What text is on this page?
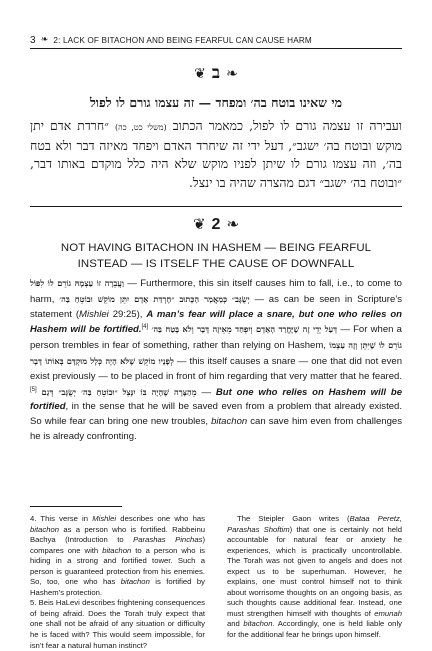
3 ❧ 2: LACK OF BITACHON AND BEING FEARFUL CAN CAUSE HARM
❦ ב ❧
מי שאינו בוטח בה׳ ומפחד — זה עצמו גורם לו לפול
ועבירה זו עצמה גורם לו לפול, כמאמר הכתוב (משלי כט, כה) ״חרדת אדם יתן מוקש ובוטח בה׳ ישגב״, דעל ידי זה שיחרד האדם ויפחד מאיזה דבר ולא בטח בה׳, וזה עצמו גורם לו שיתן לפניו מוקש שלא היה כלל מוקדם באותו דבר, ״ובוטח בה׳ ישגב״ דגם מהצרה שהיה בו ינצל.
❦ 2 ❧
NOT HAVING BITACHON IN HASHEM — BEING FEARFUL
INSTEAD — IS ITSELF THE CAUSE OF DOWNFALL
וַעֲבֵרָה זוֹ עַצְמָהּ גוֹרֵם לוֹ לִפּוֹל — Furthermore, this sin itself causes him to fall, i.e., to come to harm, כְּמַאֲמַר הַכָּתוּב ״חֶרְדַּת אָדָם יִתֵּן מוֹקֵשׁ וּבוֹטֵחַ בַּה׳ יְשֻׂגָּב״ — as can be seen in Scripture’s statement (Mishlei 29:25), A man’s fear will place a snare, but one who relies on Hashem will be fortified.[4] דְּעַל יְדֵי זֶה שֶׁיֶּחֱרַד הָאָדָם וְיִפְחַד מֵאֵיזֶה דָּבָר וְלֹא בָּטַח בַּה׳ — For when a person trembles in fear of something, rather than relying on Hashem, וְזֶה עַצְמוֹ גוֹרֵם לוֹ שֶׁיִּתֵּן לְפָנָיו מוֹקֵשׁ שֶׁלֹּא הָיָה כְּלָל מוּקְדָּם בְּאוֹתוֹ דָּבָר — this itself causes a snare — one that did not even exist previously — to be placed in front of him regarding that very matter that he feared.[5] ״וּבוֹטֵחַ בַּה׳ יְשֻׂגָּב״ דְּגַם מֵהַצָּרָה שֶׁהָיָה בּוֹ יִנָּצֵל — But one who relies on Hashem will be fortified, in the sense that he will be saved even from a problem that already existed. So while fear can bring one new troubles, bitachon can save him even from challenges he is already confronting.

4. This verse in Mishlei describes one who has bitachon as a person who is fortified. Rabbeinu Bachya (Introduction to Parashas Pinchas) compares one with bitachon to a person who is hiding in a strong and fortified tower. Such a person is guaranteed protection from his enemies. So, too, one who has bitachon is fortified by Hashem’s protection.

5. Beis HaLevi describes frightening consequences of being afraid. Does the Torah truly expect that one shall not be afraid of any situation or difficulty he is faced with? This would seem impossible, for isn’t fear a natural human instinct?

The Steipler Gaon writes (Bataa Peretz, Parashas Shoftim) that one is certainly not held accountable for natural fear or anxiety he experiences, which is practically uncontrollable. The Torah was not given to angels and does not expect us to be superhuman. However, he explains, one must control himself not to think about worrisome thoughts on an ongoing basis, as such thoughts cause additional fear. Instead, one must strengthen himself with thoughts of emunah and bitachon. Accordingly, one is held liable only for the additional fear he brings upon himself.
